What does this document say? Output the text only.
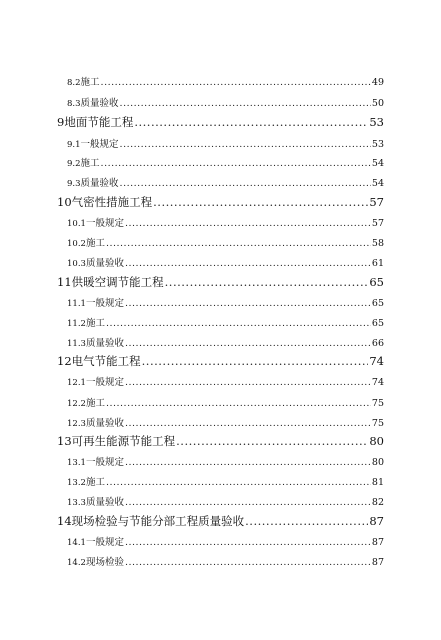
8.2 施工 .....	49
8.3 质量验收 .....	50
9 地面节能工程 .....	53
9.1 一般规定 .....	53
9.2 施工 .....	54
9.3 质量验收 .....	54
10 气密性措施工程 .....	57
10.1 一般规定 .....	57
10.2 施工 .....	58
10.3 质量验收 .....	61
11 供暖空调节能工程 .....	65
11.1 一般规定 .....	65
11.2 施工 .....	65
11.3 质量验收 .....	66
12 电气节能工程 .....	74
12.1 一般规定 .....	74
12.2 施工 .....	75
12.3 质量验收 .....	75
13 可再生能源节能工程 .....	80
13.1 一般规定 .....	80
13.2 施工 .....	81
13.3 质量验收 .....	82
14 现场检验与节能分部工程质量验收 .....	87
14.1 一般规定 .....	87
14.2 现场检验 .....	87
